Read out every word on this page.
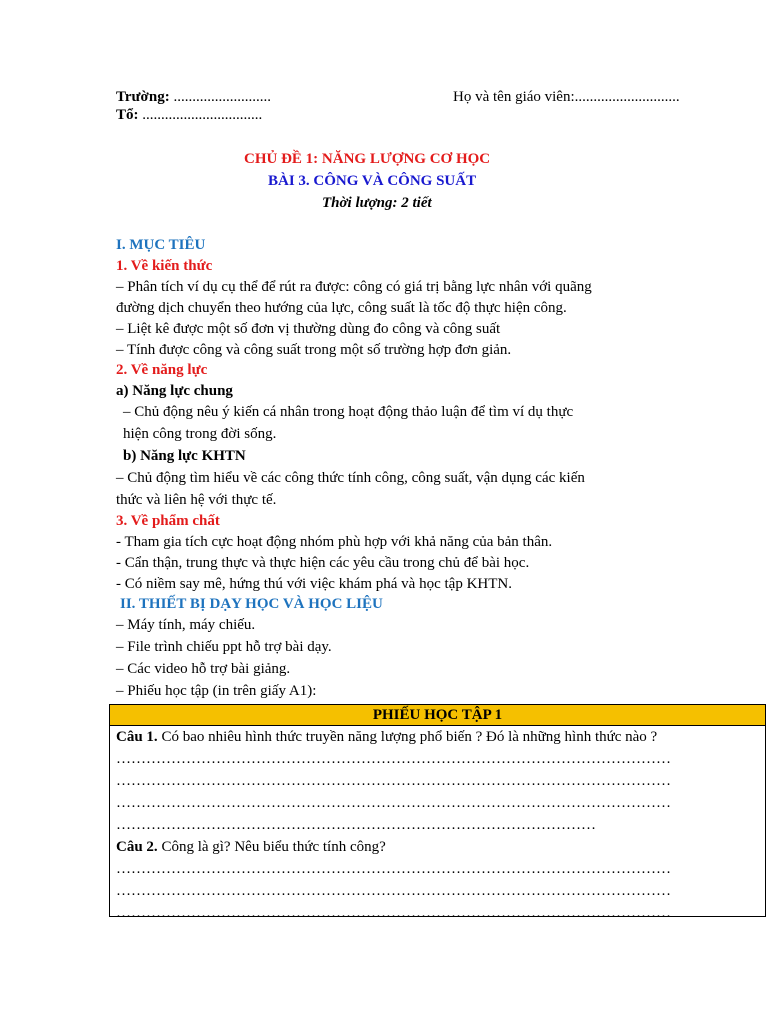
Trường: ..........................	Họ và tên giáo viên:............................
Tổ: ................................
CHỦ ĐỀ 1: NĂNG LƯỢNG CƠ HỌC
BÀI 3. CÔNG VÀ CÔNG SUẤT
Thời lượng: 2 tiết
I. MỤC TIÊU
1. Về kiến thức
– Phân tích ví dụ cụ thể để rút ra được: công có giá trị bằng lực nhân với quãng
đường dịch chuyển theo hướng của lực, công suất là tốc độ thực hiện công.
– Liệt kê được một số đơn vị thường dùng đo công và công suất
– Tính được công và công suất trong một số trường hợp đơn giản.
2. Về năng lực
a) Năng lực chung
– Chủ động nêu ý kiến cá nhân trong hoạt động thảo luận để tìm ví dụ thực
hiện công trong đời sống.
b) Năng lực KHTN
– Chủ động tìm hiểu về các công thức tính công, công suất, vận dụng các kiến
thức và liên hệ với thực tế.
3. Về phẩm chất
- Tham gia tích cực hoạt động nhóm phù hợp với khả năng của bản thân.
- Cẩn thận, trung thực và thực hiện các yêu cầu trong chủ để bài học.
- Có niềm say mê, hứng thú với việc khám phá và học tập KHTN.
II. THIẾT BỊ DẠY HỌC VÀ HỌC LIỆU
– Máy tính, máy chiếu.
– File trình chiếu ppt hỗ trợ bài dạy.
– Các video hỗ trợ bài giảng.
– Phiếu học tập (in trên giấy A1):
PHIẾU HỌC TẬP 1
Câu 1. Có bao nhiêu hình thức truyền năng lượng phổ biến ? Đó là những hình thức nào ?
…………………………………………………………………………………………………
…………………………………………………………………………………………………
…………………………………………………………………………………………………
……………………………………………………………………………………
Câu 2. Công là gì? Nêu biểu thức tính công?
…………………………………………………………………………………………………
…………………………………………………………………………………………………
…………………………………………………………………………………………………
